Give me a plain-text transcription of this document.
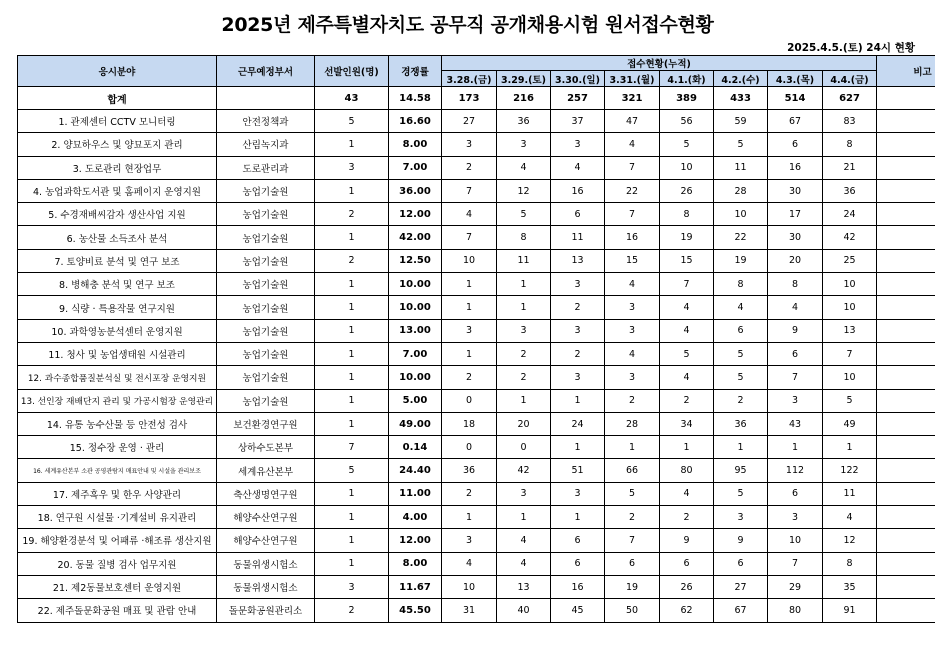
2025년 제주특별자치도 공무직 공개채용시험 원서접수현황
2025.4.5.(토) 24시 현황
응시분야	근무예정부서	선발인원(명)	경쟁률	접수현황(누적)								비고
				3.28.(금)	3.29.(토)	3.30.(일)	3.31.(월)	4.1.(화)	4.2.(수)	4.3.(목)	4.4.(금)	
합계		43	14.58	173	216	257	321	389	433	514	627	
1. 관제센터 CCTV 모니터링	안전정책과	5	16.60	27	36	37	47	56	59	67	83	
2. 양묘하우스 및 양묘포지 관리	산림녹지과	1	8.00	3	3	3	4	5	5	6	8	
3. 도로관리 현장업무	도로관리과	3	7.00	2	4	4	7	10	11	16	21	
4. 농업과학도서관 및 홈페이지 운영지원	농업기술원	1	36.00	7	12	16	22	26	28	30	36	
5. 수경재배씨감자 생산사업 지원	농업기술원	2	12.00	4	5	6	7	8	10	17	24	
6. 농산물 소득조사 분석	농업기술원	1	42.00	7	8	11	16	19	22	30	42	
7. 토양비료 분석 및 연구 보조	농업기술원	2	12.50	10	11	13	15	15	19	20	25	
8. 병해충 분석 및 연구 보조	농업기술원	1	10.00	1	1	3	4	7	8	8	10	
9. 식량 · 특용작물 연구지원	농업기술원	1	10.00	1	1	2	3	4	4	4	10	
10. 과학영농분석센터 운영지원	농업기술원	1	13.00	3	3	3	3	4	6	9	13	
11. 청사 및 농업생태원 시설관리	농업기술원	1	7.00	1	2	2	4	5	5	6	7	
12. 과수종합품질분석실 및 전시포장 운영지원	농업기술원	1	10.00	2	2	3	3	4	5	7	10	
13. 선인장 재배단지 관리 및 가공시험장 운영관리	농업기술원	1	5.00	0	1	1	2	2	2	3	5	
14. 유통 농수산물 등 안전성 검사	보건환경연구원	1	49.00	18	20	24	28	34	36	43	49	
15. 정수장 운영 · 관리	상하수도본부	7	0.14	0	0	1	1	1	1	1	1	
16. 세계유산본부 소관 공영관람지 매표안내 및 시설을 관리보조	세계유산본부	5	24.40	36	42	51	66	80	95	112	122	
17. 제주흑우 및 한우 사양관리	축산생명연구원	1	11.00	2	3	3	5	4	5	6	11	
18. 연구원 시설물 ·기계설비 유지관리	해양수산연구원	1	4.00	1	1	1	2	2	3	3	4	
19. 해양환경분석 및 어패류 ·해조류 생산지원	해양수산연구원	1	12.00	3	4	6	7	9	9	10	12	
20. 동물 질병 검사 업무지원	동물위생시험소	1	8.00	4	4	6	6	6	6	7	8	
21. 제2동물보호센터 운영지원	동물위생시험소	3	11.67	10	13	16	19	26	27	29	35	
22. 제주돌문화공원 매표 및 관람 안내	돌문화공원관리소	2	45.50	31	40	45	50	62	67	80	91	
